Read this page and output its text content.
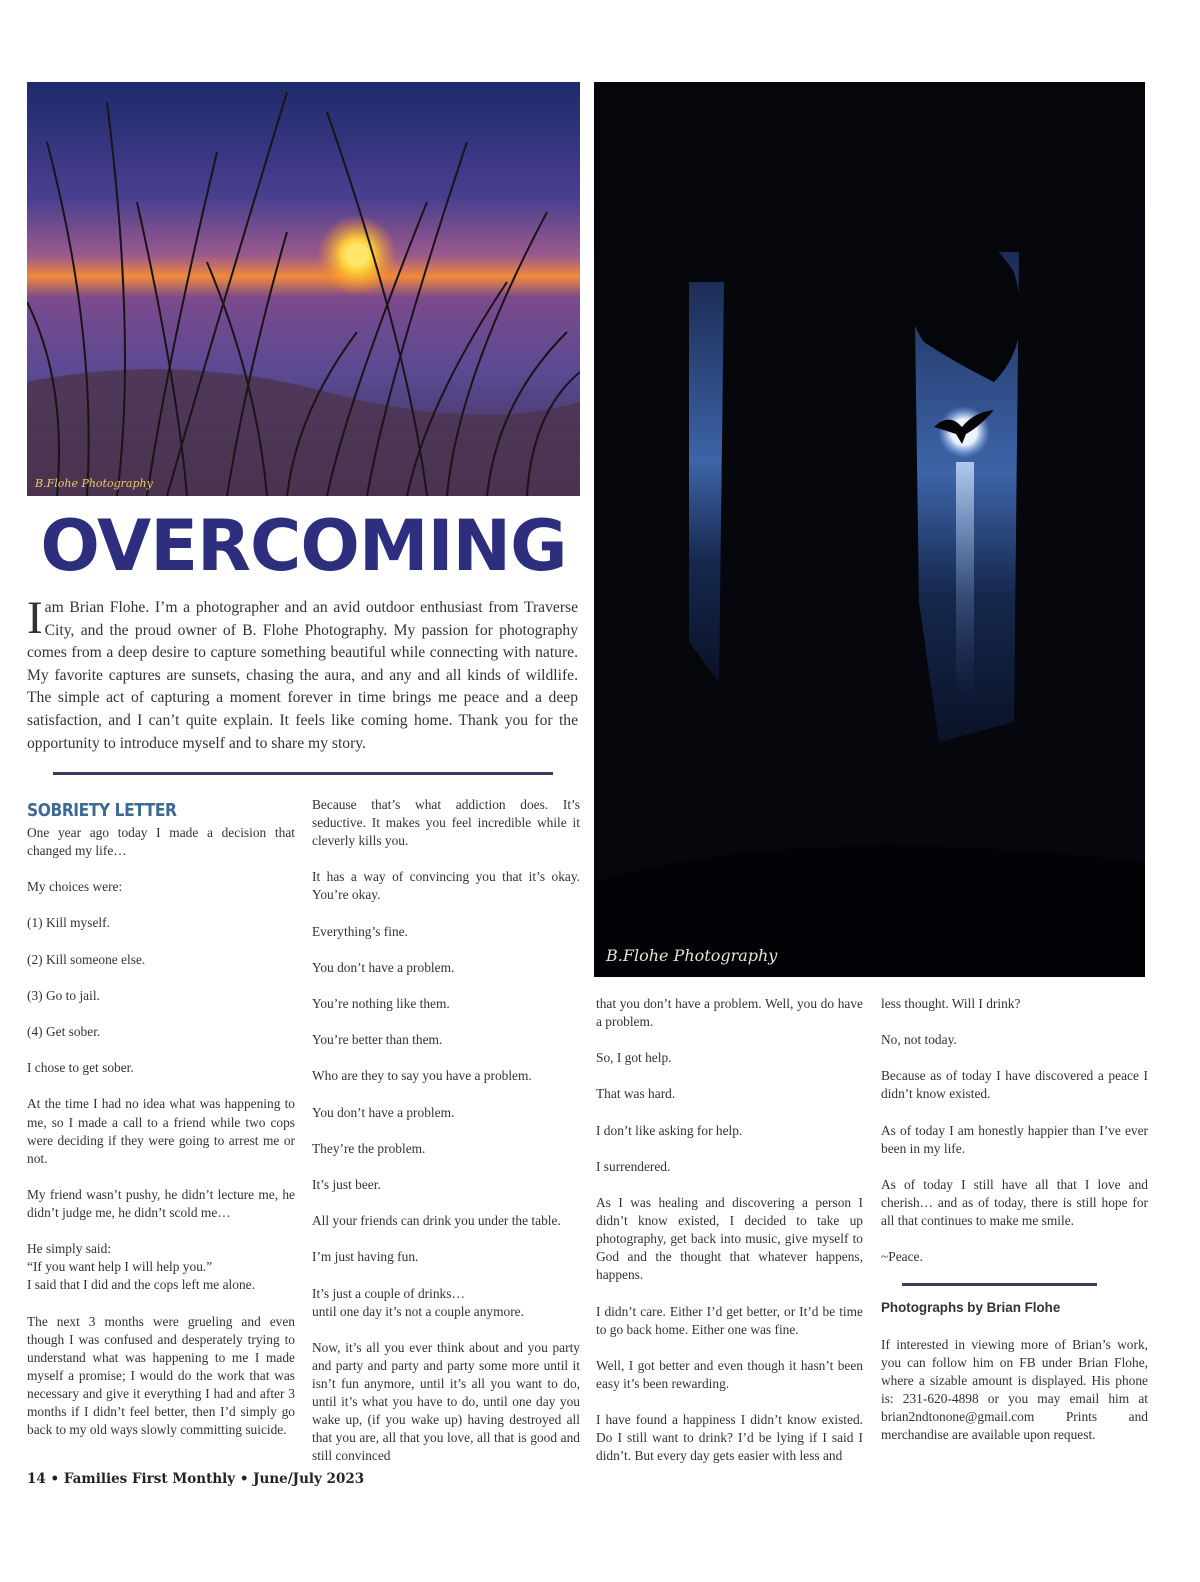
B.Flohe Photography
B.Flohe Photography
OVERCOMING

Iam Brian Flohe. I’m a photographer and an avid outdoor enthusiast from Traverse City, and the proud owner of B. Flohe Photography. My passion for photography comes from a deep desire to capture something beautiful while connecting with nature. My favorite captures are sunsets, chasing the aura, and any and all kinds of wildlife. The simple act of capturing a moment forever in time brings me peace and a deep satisfaction, and I can’t quite explain. It feels like coming home. Thank you for the opportunity to introduce myself and to share my story.

SOBRIETY LETTER

One year ago today I made a decision that changed my life…

My choices were:

(1) Kill myself.

(2) Kill someone else.

(3) Go to jail.

(4) Get sober.

I chose to get sober.

At the time I had no idea what was happening to me, so I made a call to a friend while two cops were deciding if they were going to arrest me or not.

My friend wasn’t pushy, he didn’t lecture me, he didn’t judge me, he didn’t scold me…

He simply said:
“If you want help I will help you.”
I said that I did and the cops left me alone.

The next 3 months were grueling and even though I was confused and desperately trying to understand what was happening to me I made myself a promise; I would do the work that was necessary and give it everything I had and after 3 months if I didn’t feel better, then I’d simply go back to my old ways slowly committing suicide.

Because that’s what addiction does. It’s seductive. It makes you feel incredible while it cleverly kills you.

It has a way of convincing you that it’s okay. You’re okay.

Everything’s fine.

You don’t have a problem.

You’re nothing like them.

You’re better than them.

Who are they to say you have a problem.

You don’t have a problem.

They’re the problem.

It’s just beer.

All your friends can drink you under the table.

I’m just having fun.

It’s just a couple of drinks…
until one day it’s not a couple anymore.

Now, it’s all you ever think about and you party and party and party and party some more until it isn’t fun anymore, until it’s all you want to do, until it’s what you have to do, until one day you wake up, (if you wake up) having destroyed all that you are, all that you love, all that is good and still convinced

that you don’t have a problem. Well, you do have a problem.

So, I got help.

That was hard.

I don’t like asking for help.

I surrendered.

As I was healing and discovering a person I didn’t know existed, I decided to take up photography, get back into music, give myself to God and the thought that whatever happens, happens.

I didn’t care. Either I’d get better, or It’d be time to go back home. Either one was fine.

Well, I got better and even though it hasn’t been easy it’s been rewarding.

I have found a happiness I didn’t know existed. Do I still want to drink? I’d be lying if I said I didn’t. But every day gets easier with less and

less thought. Will I drink?

No, not today.

Because as of today I have discovered a peace I didn’t know existed.

As of today I am honestly happier than I’ve ever been in my life.

As of today I still have all that I love and cherish… and as of today, there is still hope for all that continues to make me smile.

~Peace.

Photographs by Brian Flohe

If interested in viewing more of Brian’s work, you can follow him on FB under Brian Flohe, where a sizable amount is displayed. His phone is: 231-620-4898 or you may email him at brian2ndtonone@gmail.com Prints and merchandise are available upon request.

14 • Families First Monthly • June/July 2023
